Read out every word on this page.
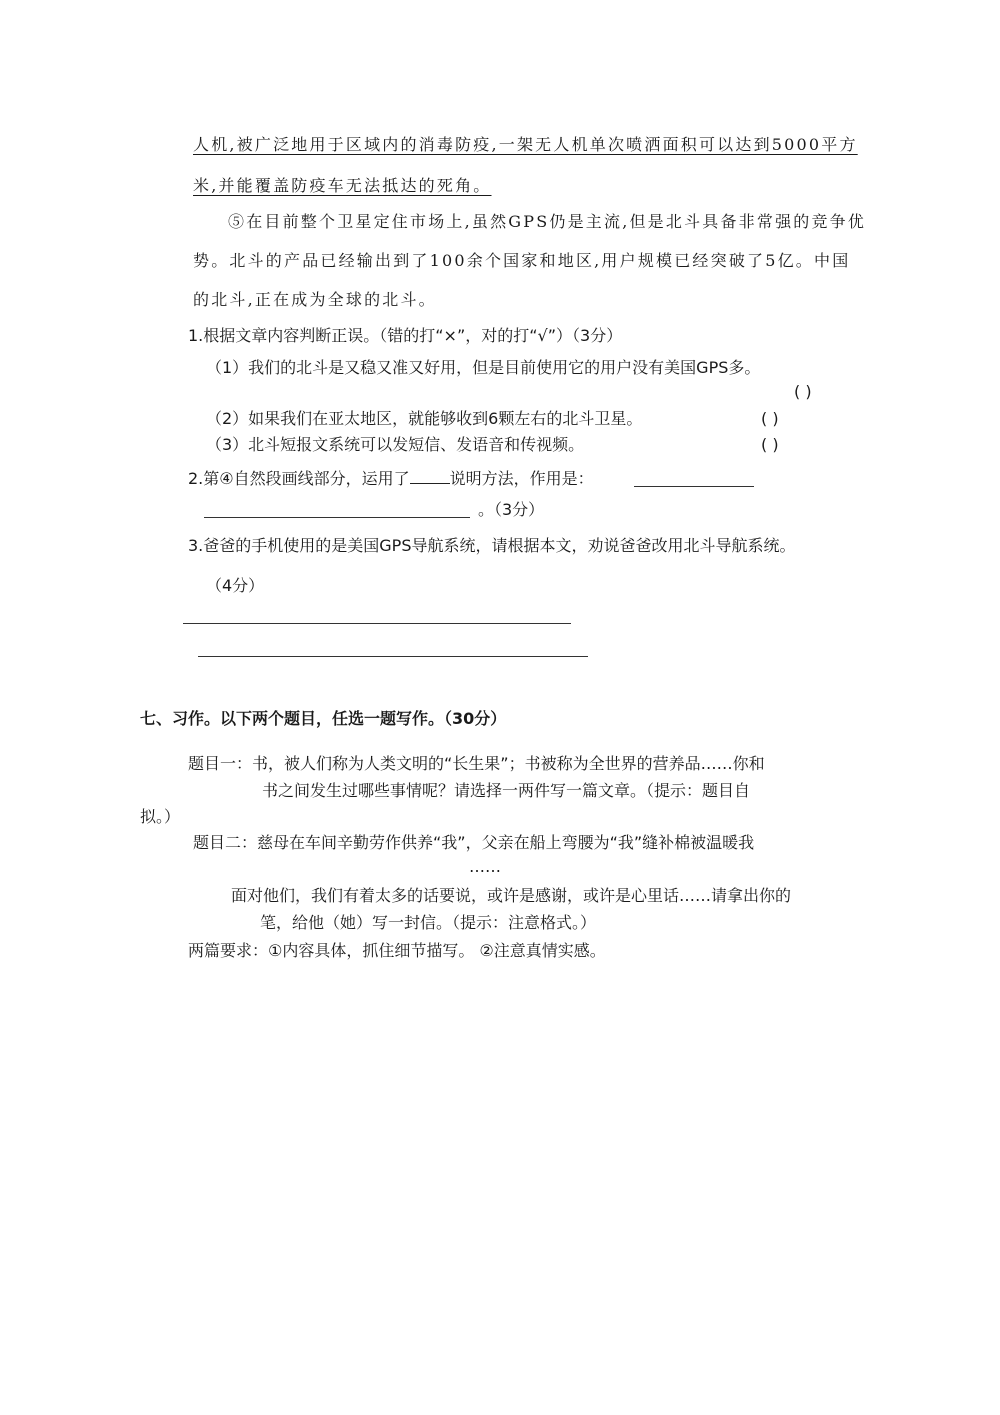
人机,被广泛地用于区域内的消毒防疫,一架无人机单次喷洒面积可以达到5000平方
米,并能覆盖防疫车无法抵达的死角。
⑤在目前整个卫星定住市场上,虽然GPS仍是主流,但是北斗具备非常强的竞争优
势。北斗的产品已经输出到了100余个国家和地区,用户规模已经突破了5亿。中国
的北斗,正在成为全球的北斗。
1.根据文章内容判断正误。（错的打“×”，对的打“√”）（3分）
（1）我们的北斗是又稳又准又好用，但是目前使用它的用户没有美国GPS多。
( )
（2）如果我们在亚太地区，就能够收到6颗左右的北斗卫星。	( )
（3）北斗短报文系统可以发短信、发语音和传视频。	( )
2.第④自然段画线部分，运用了	说明方法，作用是：
。（3分）
3.爸爸的手机使用的是美国GPS导航系统，请根据本文，劝说爸爸改用北斗导航系统。
（4分）
七、习作。以下两个题目，任选一题写作。（30分）
题目一：书，被人们称为人类文明的“长生果”；书被称为全世界的营养品……你和
书之间发生过哪些事情呢？请选择一两件写一篇文章。（提示：题目自
拟。）
题目二：慈母在车间辛勤劳作供养“我”，父亲在船上弯腰为“我”缝补棉被温暖我
……
面对他们，我们有着太多的话要说，或许是感谢，或许是心里话……请拿出你的
笔，给他（她）写一封信。（提示：注意格式。）
两篇要求：①内容具体，抓住细节描写。 ②注意真情实感。
